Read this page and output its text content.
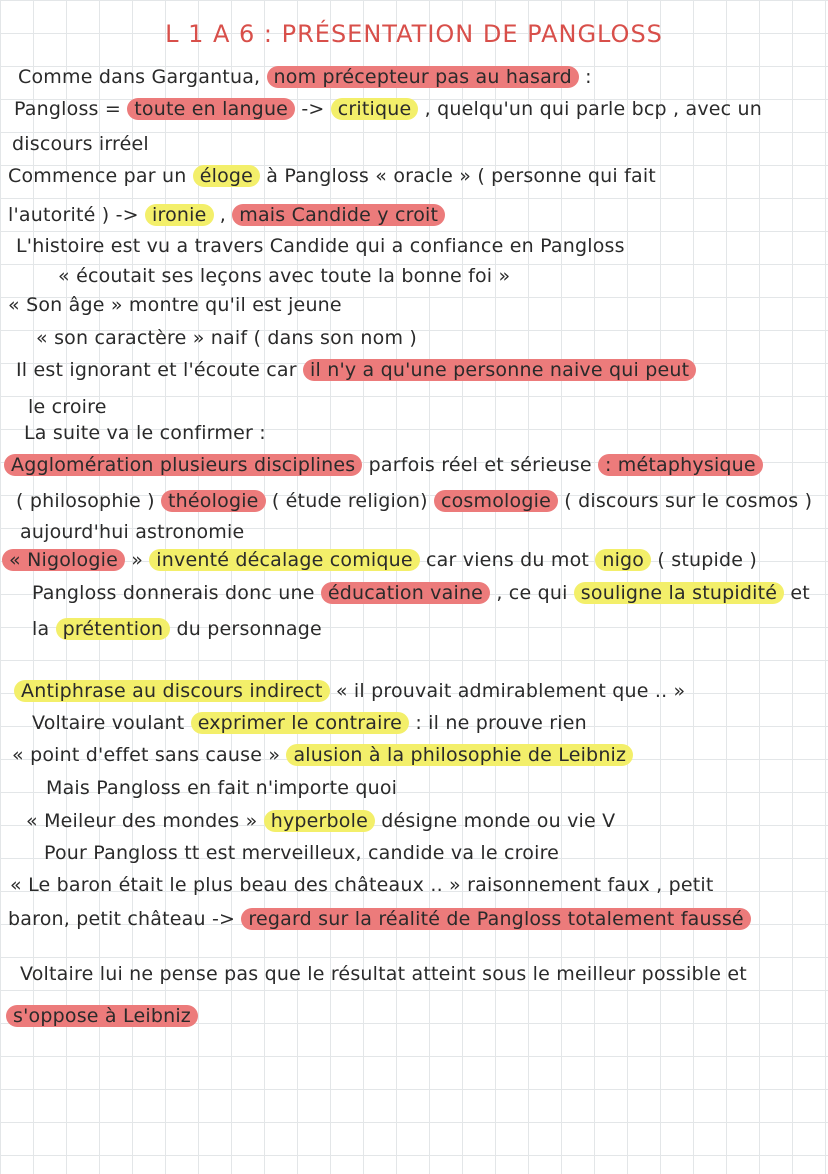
L 1 A 6 : PRÉSENTATION DE PANGLOSS
Comme dans Gargantua, nom précepteur pas au hasard :
Pangloss = toute en langue -> critique , quelqu'un qui parle bcp , avec un
discours irréel
Commence par un éloge à Pangloss « oracle » ( personne qui fait
l'autorité ) -> ironie , mais Candide y croit
L'histoire est vu a travers Candide qui a confiance en Pangloss
« écoutait ses leçons avec toute la bonne foi »
« Son âge » montre qu'il est jeune
« son caractère » naif ( dans son nom )
Il est ignorant et l'écoute car il n'y a qu'une personne naive qui peut
le croire
La suite va le confirmer :
Agglomération plusieurs disciplines parfois réel et sérieuse : métaphysique
( philosophie ) théologie ( étude religion) cosmologie ( discours sur le cosmos )
aujourd'hui astronomie
« Nigologie » inventé décalage comique car viens du mot nigo ( stupide )
Pangloss donnerais donc une éducation vaine , ce qui souligne la stupidité et
la prétention du personnage
Antiphrase au discours indirect « il prouvait admirablement que .. »
Voltaire voulant exprimer le contraire : il ne prouve rien
« point d'effet sans cause » alusion à la philosophie de Leibniz
Mais Pangloss en fait n'importe quoi
« Meileur des mondes » hyperbole désigne monde ou vie V
Pour Pangloss tt est merveilleux, candide va le croire
« Le baron était le plus beau des châteaux .. » raisonnement faux , petit
baron, petit château -> regard sur la réalité de Pangloss totalement faussé
Voltaire lui ne pense pas que le résultat atteint sous le meilleur possible et
s'oppose à Leibniz
